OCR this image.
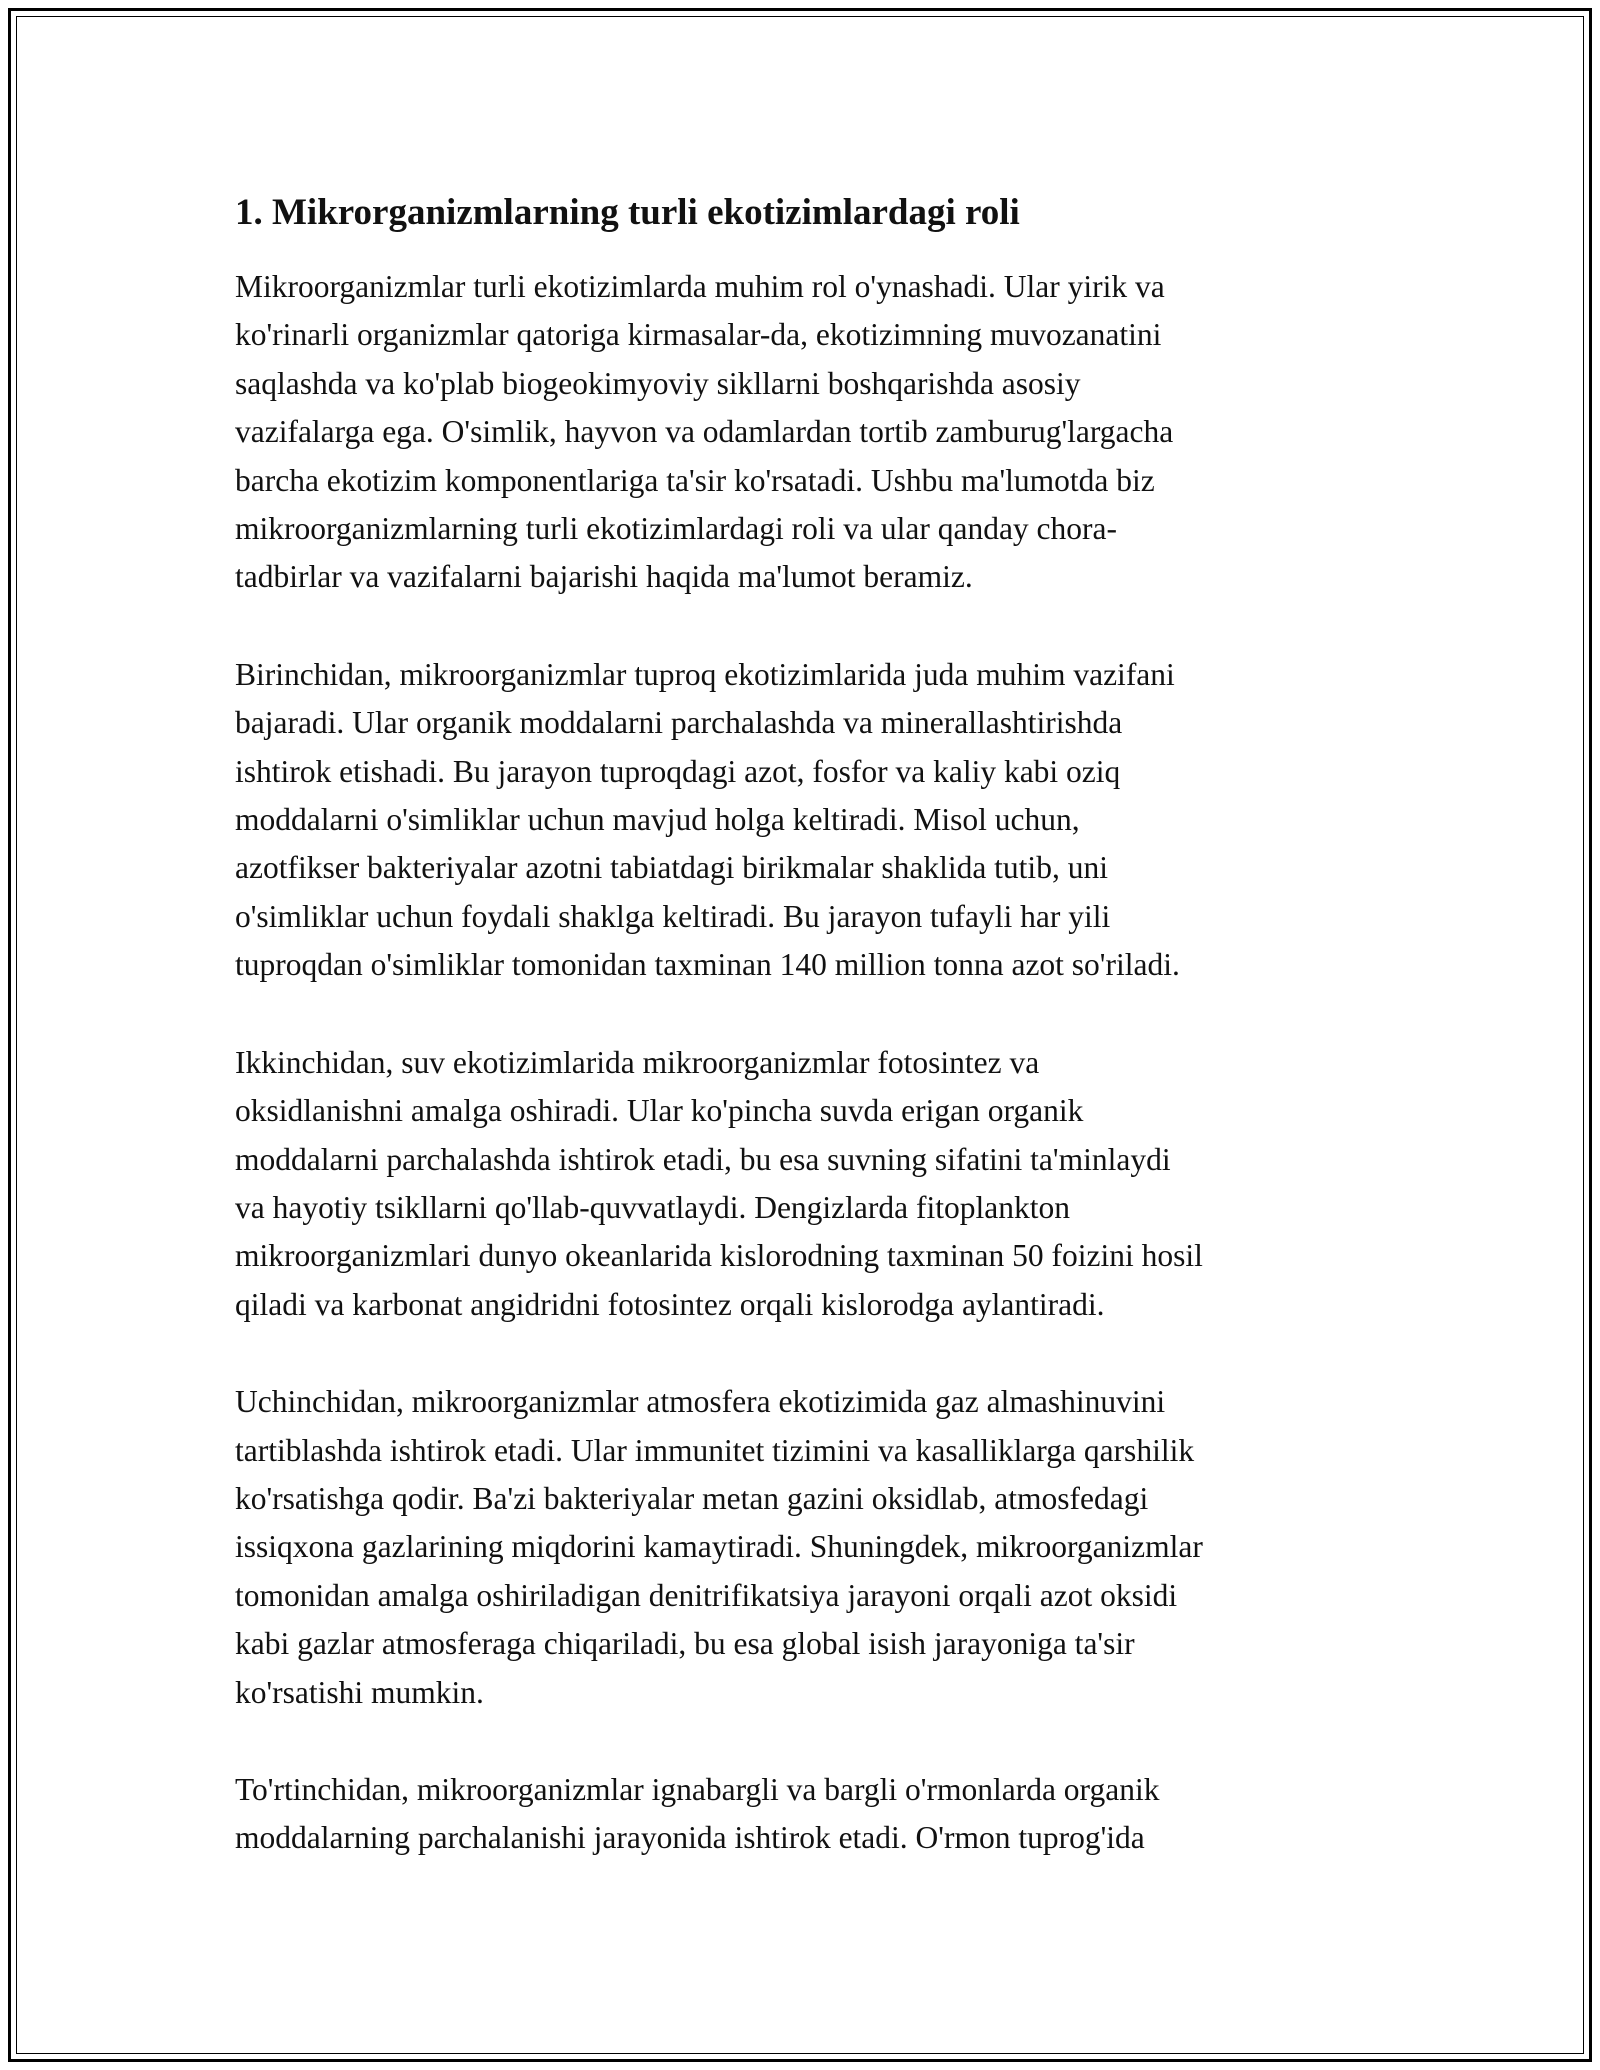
1. Mikrorganizmlarning turli ekotizimlardagi roli

Mikroorganizmlar turli ekotizimlarda muhim rol o'ynashadi. Ular yirik va
ko'rinarli organizmlar qatoriga kirmasalar-da, ekotizimning muvozanatini
saqlashda va ko'plab biogeokimyoviy sikllarni boshqarishda asosiy
vazifalarga ega. O'simlik, hayvon va odamlardan tortib zamburug'largacha
barcha ekotizim komponentlariga ta'sir ko'rsatadi. Ushbu ma'lumotda biz
mikroorganizmlarning turli ekotizimlardagi roli va ular qanday chora-
tadbirlar va vazifalarni bajarishi haqida ma'lumot beramiz.

Birinchidan, mikroorganizmlar tuproq ekotizimlarida juda muhim vazifani
bajaradi. Ular organik moddalarni parchalashda va minerallashtirishda
ishtirok etishadi. Bu jarayon tuproqdagi azot, fosfor va kaliy kabi oziq
moddalarni o'simliklar uchun mavjud holga keltiradi. Misol uchun,
azotfikser bakteriyalar azotni tabiatdagi birikmalar shaklida tutib, uni
o'simliklar uchun foydali shaklga keltiradi. Bu jarayon tufayli har yili
tuproqdan o'simliklar tomonidan taxminan 140 million tonna azot so'riladi.

Ikkinchidan, suv ekotizimlarida mikroorganizmlar fotosintez va
oksidlanishni amalga oshiradi. Ular ko'pincha suvda erigan organik
moddalarni parchalashda ishtirok etadi, bu esa suvning sifatini ta'minlaydi
va hayotiy tsikllarni qo'llab-quvvatlaydi. Dengizlarda fitoplankton
mikroorganizmlari dunyo okeanlarida kislorodning taxminan 50 foizini hosil
qiladi va karbonat angidridni fotosintez orqali kislorodga aylantiradi.

Uchinchidan, mikroorganizmlar atmosfera ekotizimida gaz almashinuvini
tartiblashda ishtirok etadi. Ular immunitet tizimini va kasalliklarga qarshilik
ko'rsatishga qodir. Ba'zi bakteriyalar metan gazini oksidlab, atmosfedagi
issiqxona gazlarining miqdorini kamaytiradi. Shuningdek, mikroorganizmlar
tomonidan amalga oshiriladigan denitrifikatsiya jarayoni orqali azot oksidi
kabi gazlar atmosferaga chiqariladi, bu esa global isish jarayoniga ta'sir
ko'rsatishi mumkin.

To'rtinchidan, mikroorganizmlar ignabargli va bargli o'rmonlarda organik
moddalarning parchalanishi jarayonida ishtirok etadi. O'rmon tuprog'ida
